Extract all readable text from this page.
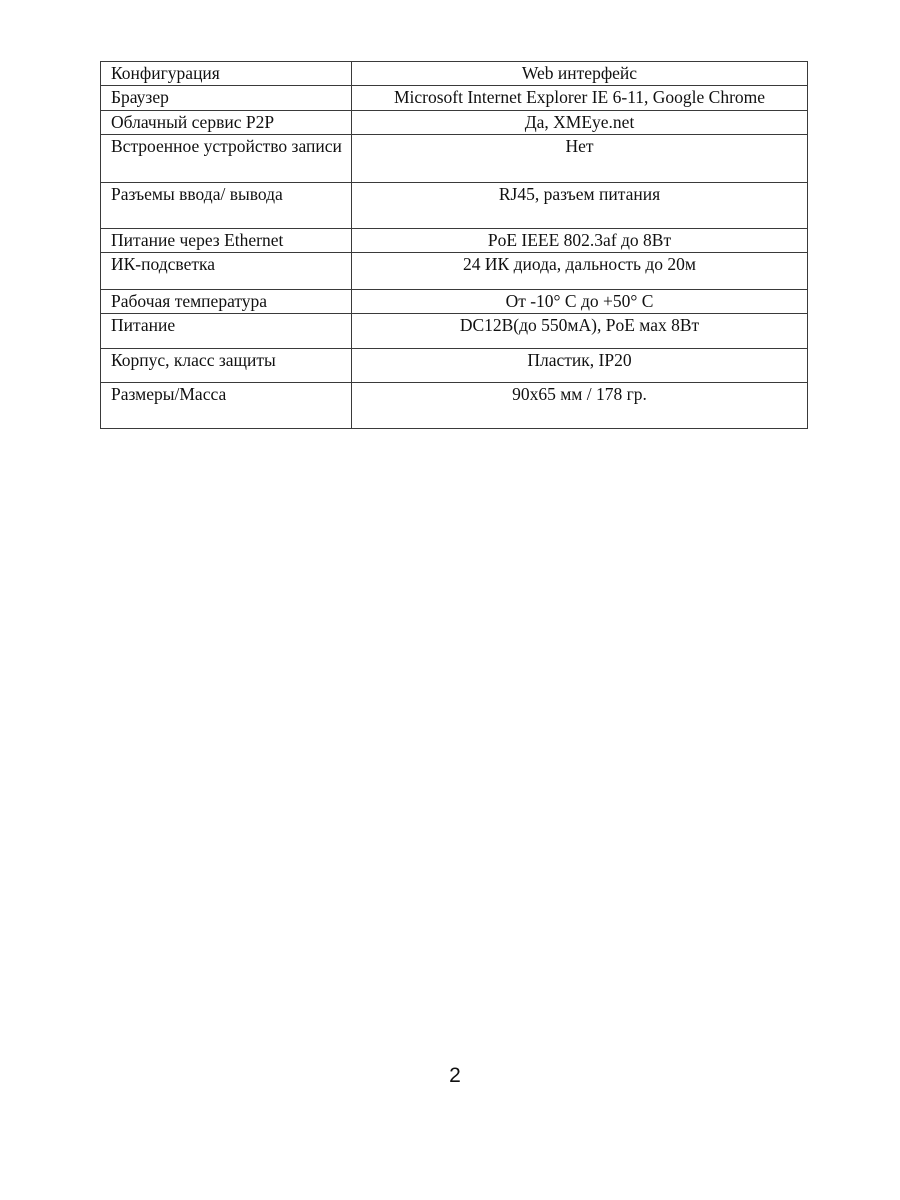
Конфигурация	Web интерфейс
Браузер	Microsoft Internet Explorer IE 6-11, Google Chrome
Облачный сервис P2P	Да, XMEye.net
Встроенное устройство записи	Нет
Разъемы ввода/ вывода	RJ45, разъем питания
Питание через Ethernet	PoE IEEE 802.3af до 8Вт
ИК-подсветка	24 ИК диода, дальность до 20м
Рабочая температура	От -10° С до +50° С
Питание	DC12В(до 550мА), PoE мах 8Вт
Корпус, класс защиты	Пластик, IP20
Размеры/Масса	90х65 мм / 178 гр.
2
